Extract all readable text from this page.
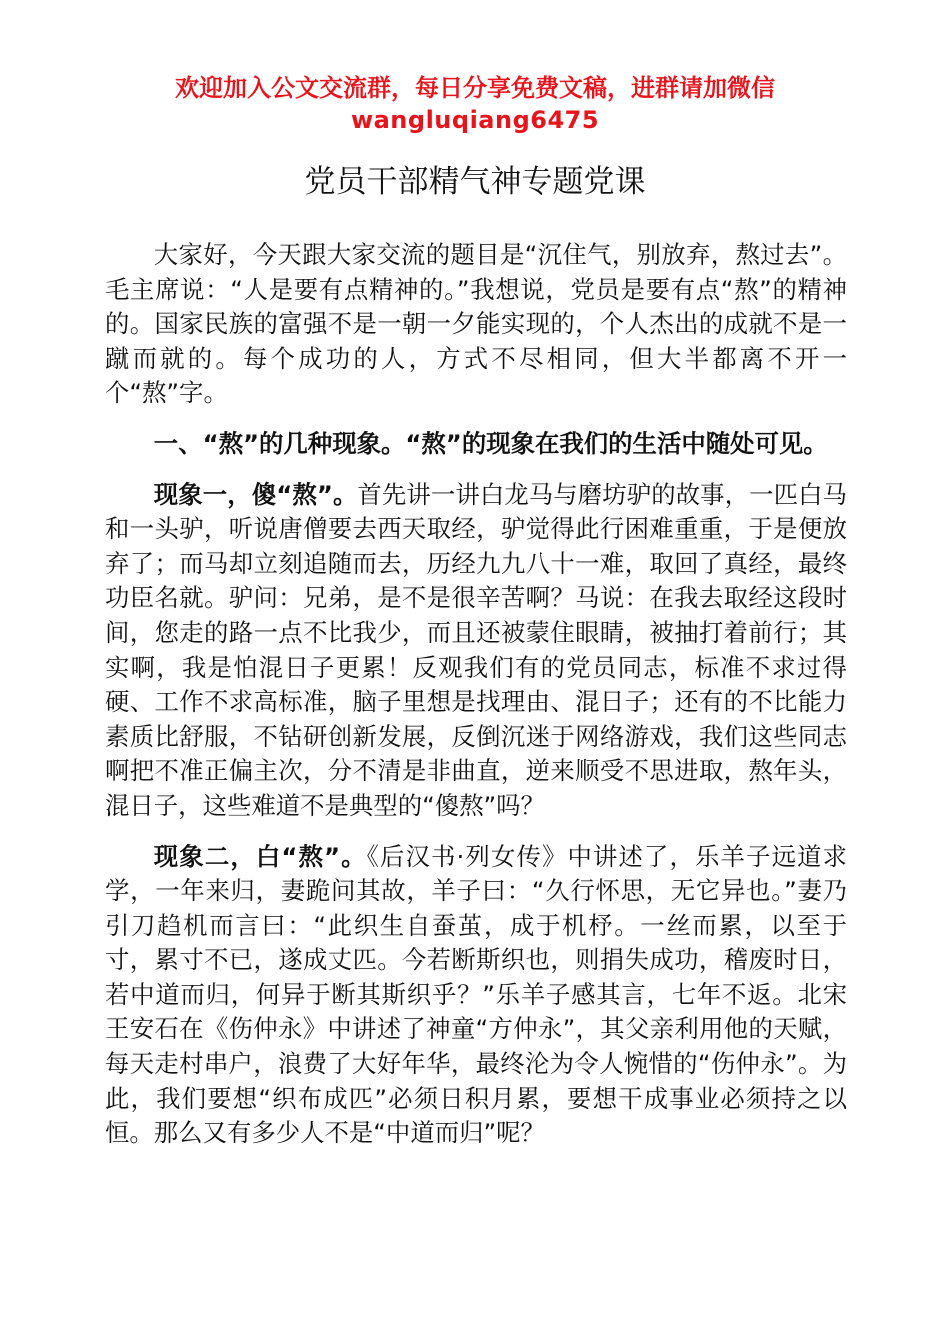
欢迎加入公文交流群，每日分享免费文稿，进群请加微信
wangluqiang6475
党员干部精气神专题党课

大家好，今天跟大家交流的题目是“沉住气，别放弃，熬过去”。毛主席说：“人是要有点精神的。”我想说，党员是要有点“熬”的精神的。国家民族的富强不是一朝一夕能实现的，个人杰出的成就不是一蹴而就的。每个成功的人，方式不尽相同，但大半都离不开一个“熬”字。

一、“熬”的几种现象。“熬”的现象在我们的生活中随处可见。

现象一，傻“熬”。首先讲一讲白龙马与磨坊驴的故事，一匹白马和一头驴，听说唐僧要去西天取经，驴觉得此行困难重重，于是便放弃了；而马却立刻追随而去，历经九九八十一难，取回了真经，最终功臣名就。驴问：兄弟，是不是很辛苦啊？马说：在我去取经这段时间，您走的路一点不比我少，而且还被蒙住眼睛，被抽打着前行；其实啊，我是怕混日子更累！反观我们有的党员同志，标准不求过得硬、工作不求高标准，脑子里想是找理由、混日子；还有的不比能力素质比舒服，不钻研创新发展，反倒沉迷于网络游戏，我们这些同志啊把不准正偏主次，分不清是非曲直，逆来顺受不思进取，熬年头，混日子，这些难道不是典型的“傻熬”吗？

现象二，白“熬”。《后汉书·列女传》中讲述了，乐羊子远道求学，一年来归，妻跪问其故，羊子曰：“久行怀思，无它异也。”妻乃引刀趋机而言曰：“此织生自蚕茧，成于机杼。一丝而累，以至于寸，累寸不已，遂成丈匹。今若断斯织也，则捐失成功，稽废时日，若中道而归，何异于断其斯织乎？”乐羊子感其言，七年不返。北宋王安石在《伤仲永》中讲述了神童“方仲永”，其父亲利用他的天赋，每天走村串户，浪费了大好年华，最终沦为令人惋惜的“伤仲永”。为此，我们要想“织布成匹”必须日积月累，要想干成事业必须持之以恒。那么又有多少人不是“中道而归”呢？
